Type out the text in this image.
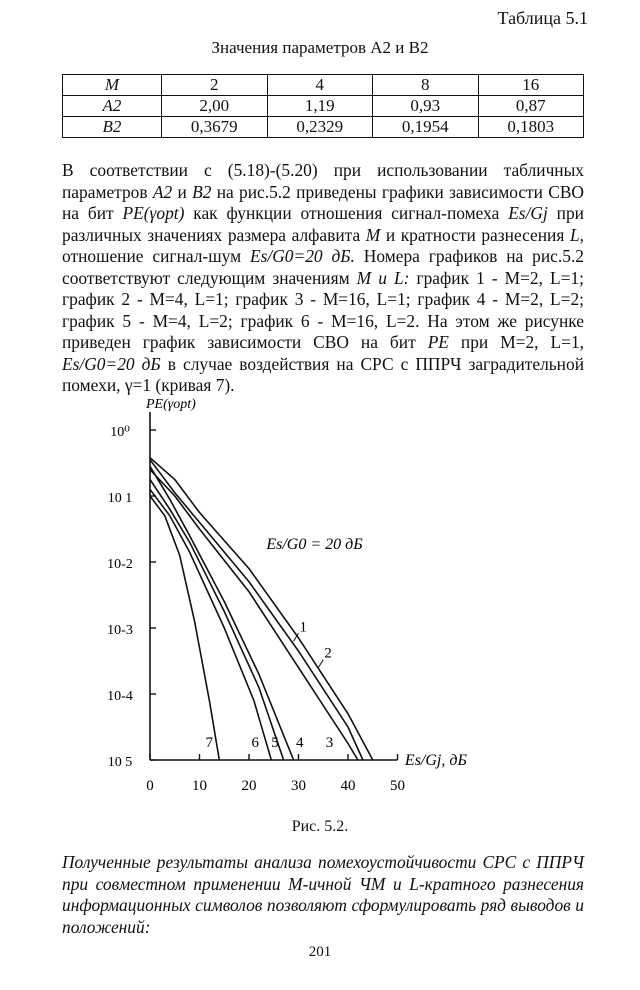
Таблица 5.1
Значения параметров A2 и B2
M	2	4	8	16
A2	2,00	1,19	0,93	0,87
B2	0,3679	0,2329	0,1954	0,1803
В соответствии с (5.18)-(5.20) при использовании табличных параметров A2 и B2 на рис.5.2 приведены графики зависимости СВО на бит PE(γopt) как функции отношения сигнал-помеха Es/Gj при различных значениях размера алфавита M и кратности разнесения L, отношение сигнал-шум Es/G0=20 дБ. Номера графиков на рис.5.2 соответствуют следующим значениям M и L: график 1 - M=2, L=1; график 2 - M=4, L=1; график 3 - M=16, L=1; график 4 - M=2, L=2; график 5 - M=4, L=2; график 6 - M=16, L=2. На этом же рисунке приведен график зависимости СВО на бит PE при M=2, L=1, Es/G0=20 дБ в случае воздействия на СРС с ППРЧ заградительной помехи, γ=1 (кривая 7).
10⁰
10 1
10-2
10-3
10-4
10 5
0	10 20 30 40 50
PE(γopt)
Es/Gj, дБ
Es/G0 = 20 дБ
1
2
3
4
5
6
7
Рис. 5.2.
Полученные результаты анализа помехоустойчивости СРС с ППРЧ при совместном применении M-ичной ЧМ и L-кратного разнесения информационных символов позволяют сформулировать ряд выводов и положений:
201
